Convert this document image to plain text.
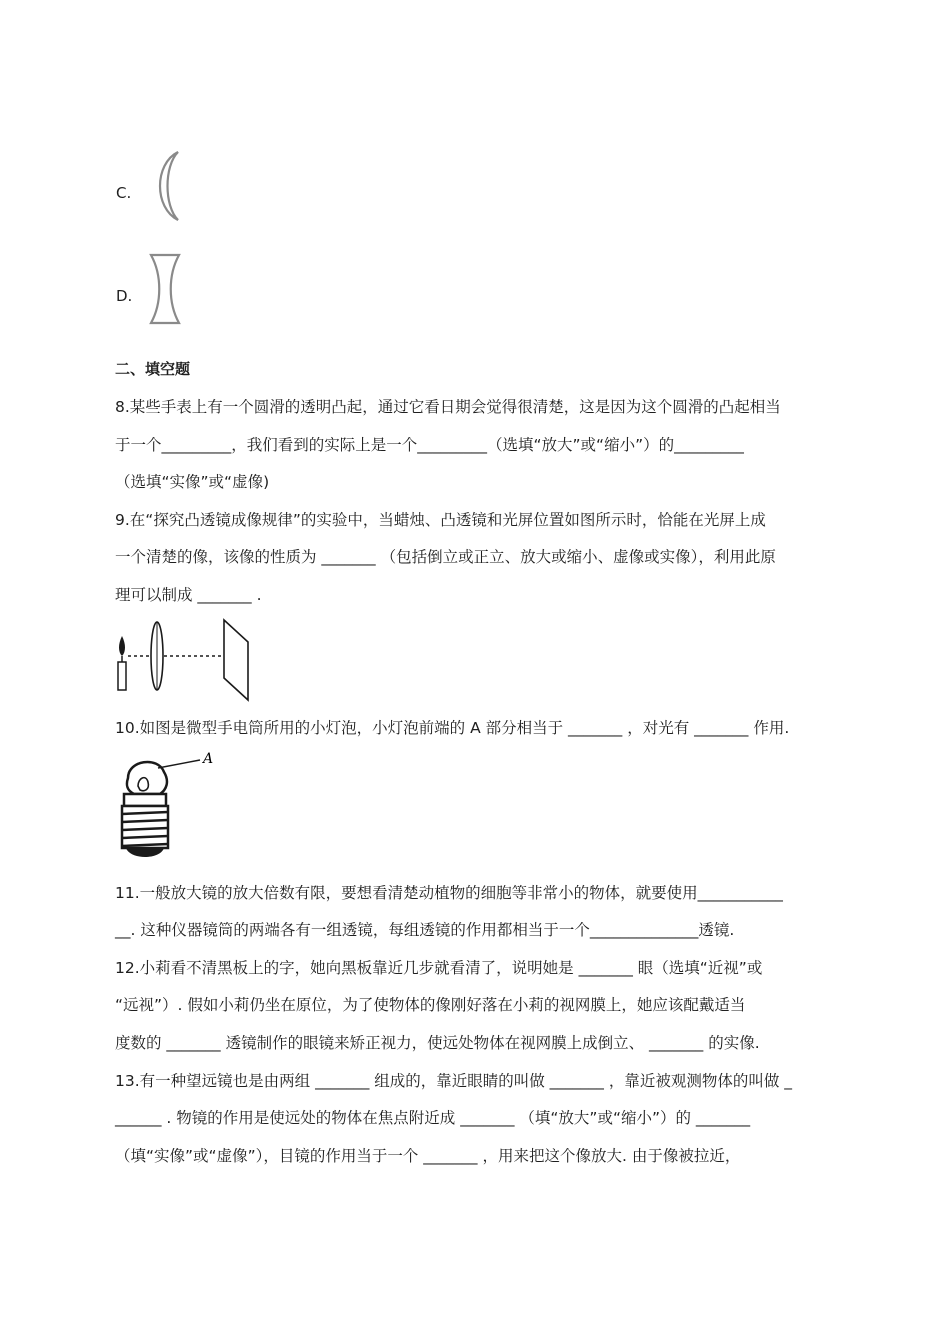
C.
D.
二、填空题
8.某些手表上有一个圆滑的透明凸起，通过它看日期会觉得很清楚，这是因为这个圆滑的凸起相当
于一个_________，我们看到的实际上是一个_________（选填“放大”或“缩小”）的_________
（选填“实像”或“虚像)
9.在“探究凸透镜成像规律”的实验中，当蜡烛、凸透镜和光屏位置如图所示时，恰能在光屏上成
一个清楚的像，该像的性质为 _______ （包括倒立或正立、放大或缩小、虚像或实像），利用此原
理可以制成 _______ .
10.如图是微型手电筒所用的小灯泡，小灯泡前端的 A 部分相当于 _______ ，对光有 _______ 作用.
A
11.一般放大镜的放大倍数有限，要想看清楚动植物的细胞等非常小的物体，就要使用___________
__. 这种仪器镜筒的两端各有一组透镜，每组透镜的作用都相当于一个______________透镜.
12.小莉看不清黑板上的字，她向黑板靠近几步就看清了，说明她是 _______ 眼（选填“近视”或
“远视”）. 假如小莉仍坐在原位，为了使物体的像刚好落在小莉的视网膜上，她应该配戴适当
度数的 _______ 透镜制作的眼镜来矫正视力，使远处物体在视网膜上成倒立、 _______ 的实像.
13.有一种望远镜也是由两组 _______ 组成的，靠近眼睛的叫做 _______ ，靠近被观测物体的叫做 _
______ . 物镜的作用是使远处的物体在焦点附近成 _______ （填“放大”或“缩小”）的 _______
（填“实像”或“虚像”），目镜的作用当于一个 _______ ，用来把这个像放大. 由于像被拉近，
